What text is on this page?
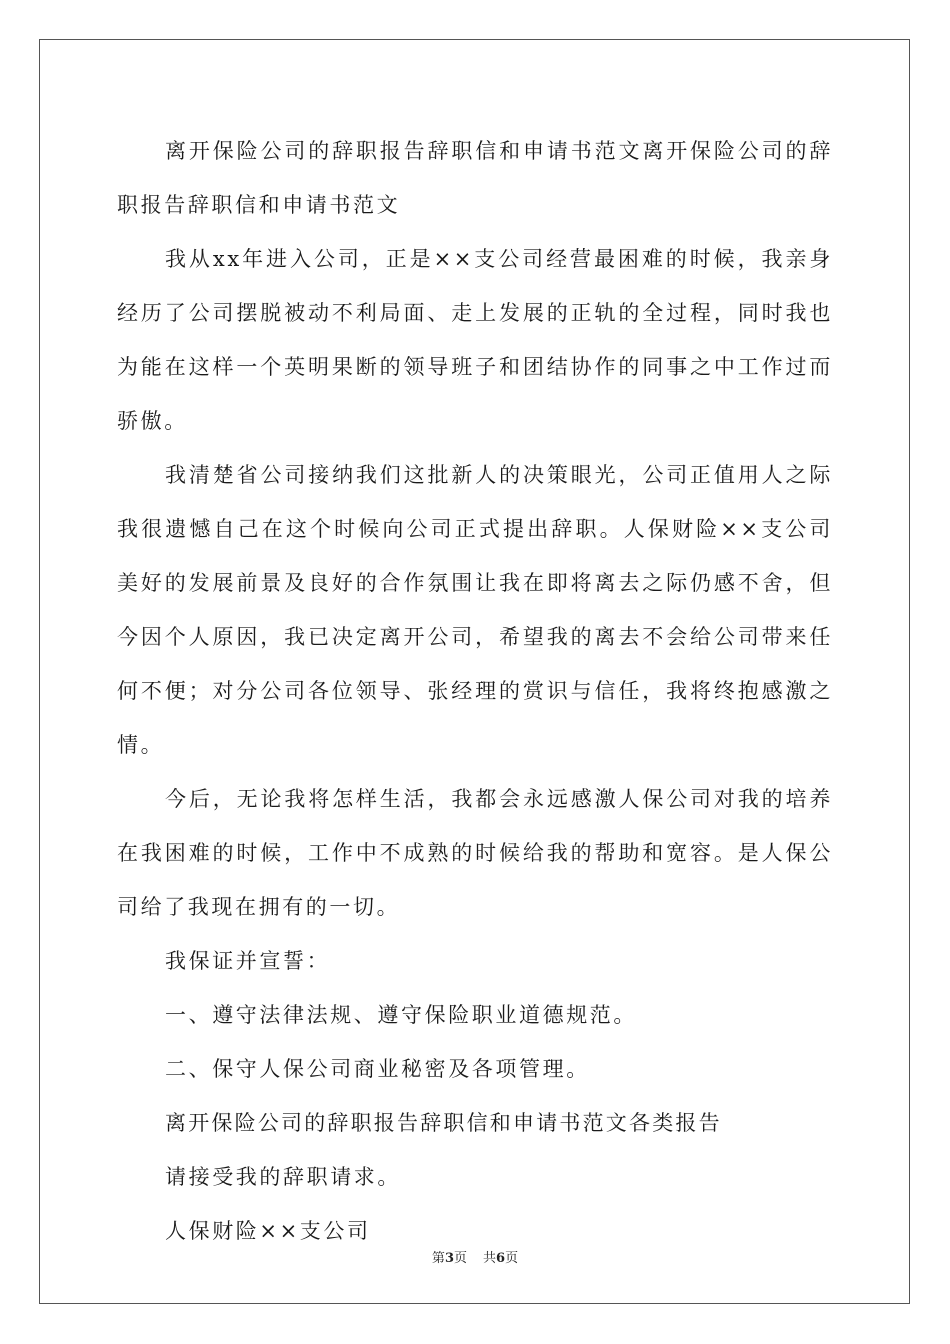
离开保险公司的辞职报告辞职信和申请书范文离开保险公司的辞职报告辞职信和申请书范文

我从xx年进入公司，正是××支公司经营最困难的时候，我亲身经历了公司摆脱被动不利局面、走上发展的正轨的全过程，同时我也为能在这样一个英明果断的领导班子和团结协作的同事之中工作过而骄傲。

我清楚省公司接纳我们这批新人的决策眼光，公司正值用人之际我很遗憾自己在这个时候向公司正式提出辞职。人保财险××支公司美好的发展前景及良好的合作氛围让我在即将离去之际仍感不舍，但今因个人原因，我已决定离开公司，希望我的离去不会给公司带来任何不便；对分公司各位领导、张经理的赏识与信任，我将终抱感激之情。

今后，无论我将怎样生活，我都会永远感激人保公司对我的培养在我困难的时候，工作中不成熟的时候给我的帮助和宽容。是人保公司给了我现在拥有的一切。

我保证并宣誓：

一、遵守法律法规、遵守保险职业道德规范。

二、保守人保公司商业秘密及各项管理。

离开保险公司的辞职报告辞职信和申请书范文各类报告

请接受我的辞职请求。

人保财险××支公司

第3页 共6页
